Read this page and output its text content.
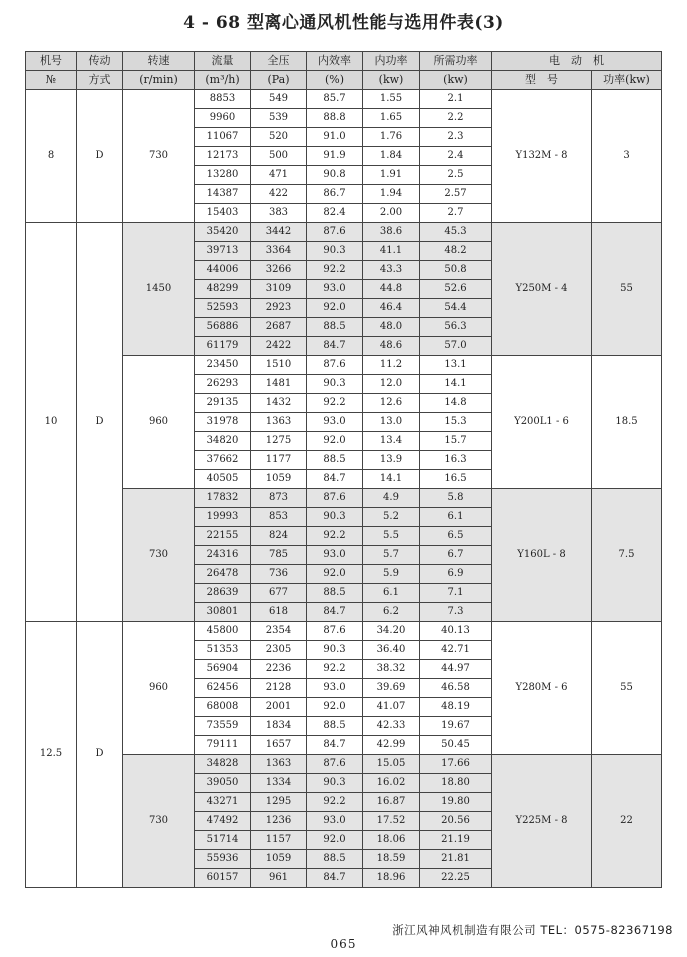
4 - 68 型离心通风机性能与选用件表(3)
机号	传动	转速	流量	全压	内效率	内功率	所需功率	电　动　机	
№	方式	(r/min)	(m³/h)	(Pa)	(%)	(kw)	(kw)	型　号	功率(kw)
8	D	730	8853	549	85.7	1.55	2.1	Y132M - 8	3
			9960	539	88.8	1.65	2.2		
			11067	520	91.0	1.76	2.3		
			12173	500	91.9	1.84	2.4		
			13280	471	90.8	1.91	2.5		
			14387	422	86.7	1.94	2.57		
			15403	383	82.4	2.00	2.7		
10	D	1450	35420	3442	87.6	38.6	45.3	Y250M - 4	55
			39713	3364	90.3	41.1	48.2		
			44006	3266	92.2	43.3	50.8		
			48299	3109	93.0	44.8	52.6		
			52593	2923	92.0	46.4	54.4		
			56886	2687	88.5	48.0	56.3		
			61179	2422	84.7	48.6	57.0		
		960	23450	1510	87.6	11.2	13.1	Y200L1 - 6	18.5
			26293	1481	90.3	12.0	14.1		
			29135	1432	92.2	12.6	14.8		
			31978	1363	93.0	13.0	15.3		
			34820	1275	92.0	13.4	15.7		
			37662	1177	88.5	13.9	16.3		
			40505	1059	84.7	14.1	16.5		
		730	17832	873	87.6	4.9	5.8	Y160L - 8	7.5
			19993	853	90.3	5.2	6.1		
			22155	824	92.2	5.5	6.5		
			24316	785	93.0	5.7	6.7		
			26478	736	92.0	5.9	6.9		
			28639	677	88.5	6.1	7.1		
			30801	618	84.7	6.2	7.3		
12.5	D	960	45800	2354	87.6	34.20	40.13	Y280M - 6	55
			51353	2305	90.3	36.40	42.71		
			56904	2236	92.2	38.32	44.97		
			62456	2128	93.0	39.69	46.58		
			68008	2001	92.0	41.07	48.19		
			73559	1834	88.5	42.33	19.67		
			79111	1657	84.7	42.99	50.45		
		730	34828	1363	87.6	15.05	17.66	Y225M - 8	22
			39050	1334	90.3	16.02	18.80		
			43271	1295	92.2	16.87	19.80		
			47492	1236	93.0	17.52	20.56		
			51714	1157	92.0	18.06	21.19		
			55936	1059	88.5	18.59	21.81		
			60157	961	84.7	18.96	22.25		
浙江风神风机制造有限公司 TEL：0575-82367198
065
